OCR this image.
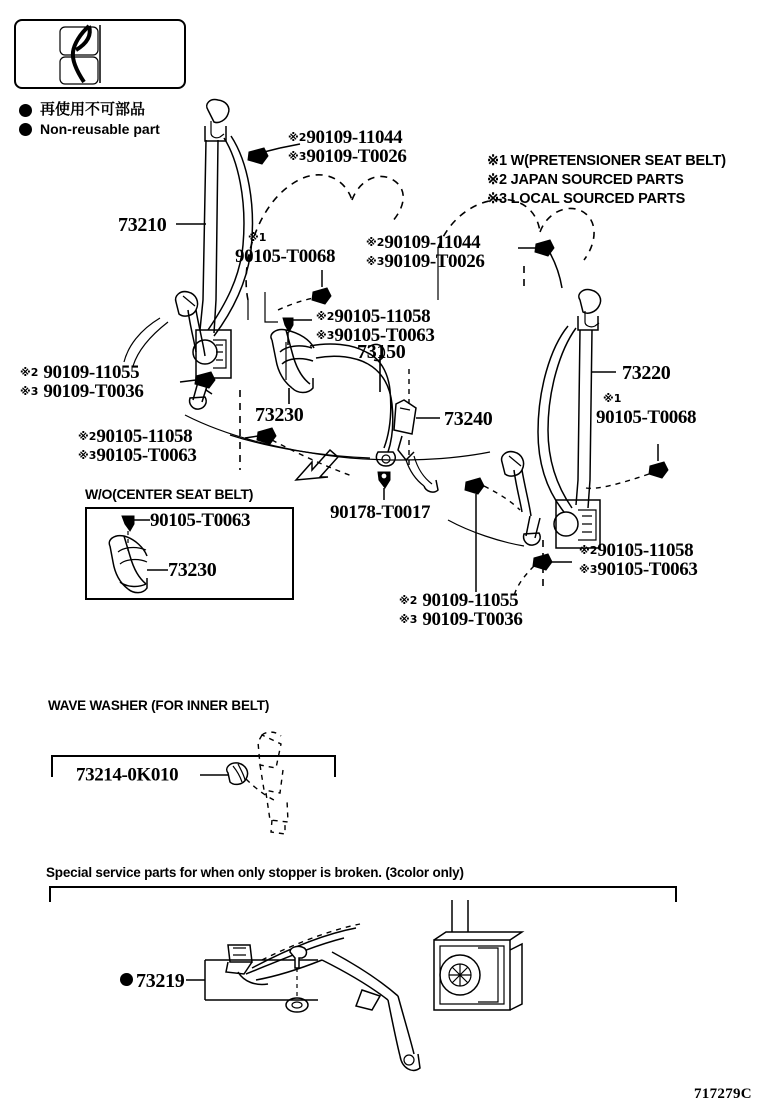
再使用不可部品
Non-reusable part
※1 W(PRETENSIONER SEAT BELT)
※2 JAPAN SOURCED PARTS
※3 LOCAL SOURCED PARTS
73210
73220
73150
73230	73240
90178-T0017
※290109-11044
※390109-T0026
※290109-11044
※390109-T0026
※1
90105-T0068
※1
90105-T0068
※2 90109-11055
※3 90109-T0036
※290105-11058
※390105-T0063
※290105-11058
※390105-T0063
※290105-11058
※390105-T0063
※2 90109-11055
※3 90109-T0036
W/O(CENTER SEAT BELT)
90105-T0063
73230
WAVE WASHER (FOR INNER BELT)
73214-0K010
Special service parts for when only stopper is broken. (3color only)
73219
717279C
